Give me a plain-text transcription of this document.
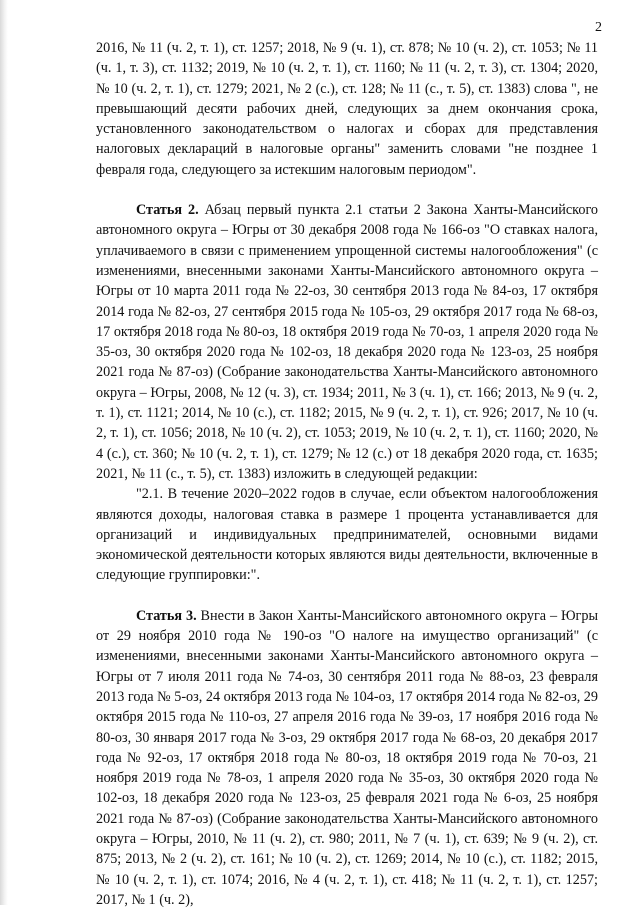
2

2016, № 11 (ч. 2, т. 1), ст. 1257; 2018, № 9 (ч. 1), ст. 878; № 10 (ч. 2), ст. 1053; № 11 (ч. 1, т. 3), ст. 1132; 2019, № 10 (ч. 2, т. 1), ст. 1160; № 11 (ч. 2, т. 3), ст. 1304; 2020, № 10 (ч. 2, т. 1), ст. 1279; 2021, № 2 (с.), ст. 128; № 11 (с., т. 5), ст. 1383) слова ", не превышающий десяти рабочих дней, следующих за днем окончания срока, установленного законодательством о налогах и сборах для представления налоговых деклараций в налоговые органы" заменить словами "не позднее 1 февраля года, следующего за истекшим налоговым периодом".

Статья 2. Абзац первый пункта 2.1 статьи 2 Закона Ханты-Мансийского автономного округа – Югры от 30 декабря 2008 года № 166-оз "О ставках налога, уплачиваемого в связи с применением упрощенной системы налогообложения" (с изменениями, внесенными законами Ханты-Мансийского автономного округа – Югры от 10 марта 2011 года № 22-оз, 30 сентября 2013 года № 84-оз, 17 октября 2014 года № 82-оз, 27 сентября 2015 года № 105-оз, 29 октября 2017 года № 68-оз, 17 октября 2018 года № 80-оз, 18 октября 2019 года № 70-оз, 1 апреля 2020 года № 35-оз, 30 октября 2020 года № 102-оз, 18 декабря 2020 года № 123-оз, 25 ноября 2021 года № 87-оз) (Собрание законодательства Ханты-Мансийского автономного округа – Югры, 2008, № 12 (ч. 3), ст. 1934; 2011, № 3 (ч. 1), ст. 166; 2013, № 9 (ч. 2, т. 1), ст. 1121; 2014, № 10 (с.), ст. 1182; 2015, № 9 (ч. 2, т. 1), ст. 926; 2017, № 10 (ч. 2, т. 1), ст. 1056; 2018, № 10 (ч. 2), ст. 1053; 2019, № 10 (ч. 2, т. 1), ст. 1160; 2020, № 4 (с.), ст. 360; № 10 (ч. 2, т. 1), ст. 1279; № 12 (с.) от 18 декабря 2020 года, ст. 1635; 2021, № 11 (с., т. 5), ст. 1383) изложить в следующей редакции:

"2.1. В течение 2020–2022 годов в случае, если объектом налогообложения являются доходы, налоговая ставка в размере 1 процента устанавливается для организаций и индивидуальных предпринимателей, основными видами экономической деятельности которых являются виды деятельности, включенные в следующие группировки:".

Статья 3. Внести в Закон Ханты-Мансийского автономного округа – Югры от 29 ноября 2010 года № 190-оз "О налоге на имущество организаций" (с изменениями, внесенными законами Ханты-Мансийского автономного округа – Югры от 7 июля 2011 года № 74-оз, 30 сентября 2011 года № 88-оз, 23 февраля 2013 года № 5-оз, 24 октября 2013 года № 104-оз, 17 октября 2014 года № 82-оз, 29 октября 2015 года № 110-оз, 27 апреля 2016 года № 39-оз, 17 ноября 2016 года № 80-оз, 30 января 2017 года № 3-оз, 29 октября 2017 года № 68-оз, 20 декабря 2017 года № 92-оз, 17 октября 2018 года № 80-оз, 18 октября 2019 года № 70-оз, 21 ноября 2019 года № 78-оз, 1 апреля 2020 года № 35-оз, 30 октября 2020 года № 102-оз, 18 декабря 2020 года № 123-оз, 25 февраля 2021 года № 6-оз, 25 ноября 2021 года № 87-оз) (Собрание законодательства Ханты-Мансийского автономного округа – Югры, 2010, № 11 (ч. 2), ст. 980; 2011, № 7 (ч. 1), ст. 639; № 9 (ч. 2), ст. 875; 2013, № 2 (ч. 2), ст. 161; № 10 (ч. 2), ст. 1269; 2014, № 10 (с.), ст. 1182; 2015, № 10 (ч. 2, т. 1), ст. 1074; 2016, № 4 (ч. 2, т. 1), ст. 418; № 11 (ч. 2, т. 1), ст. 1257; 2017, № 1 (ч. 2),
